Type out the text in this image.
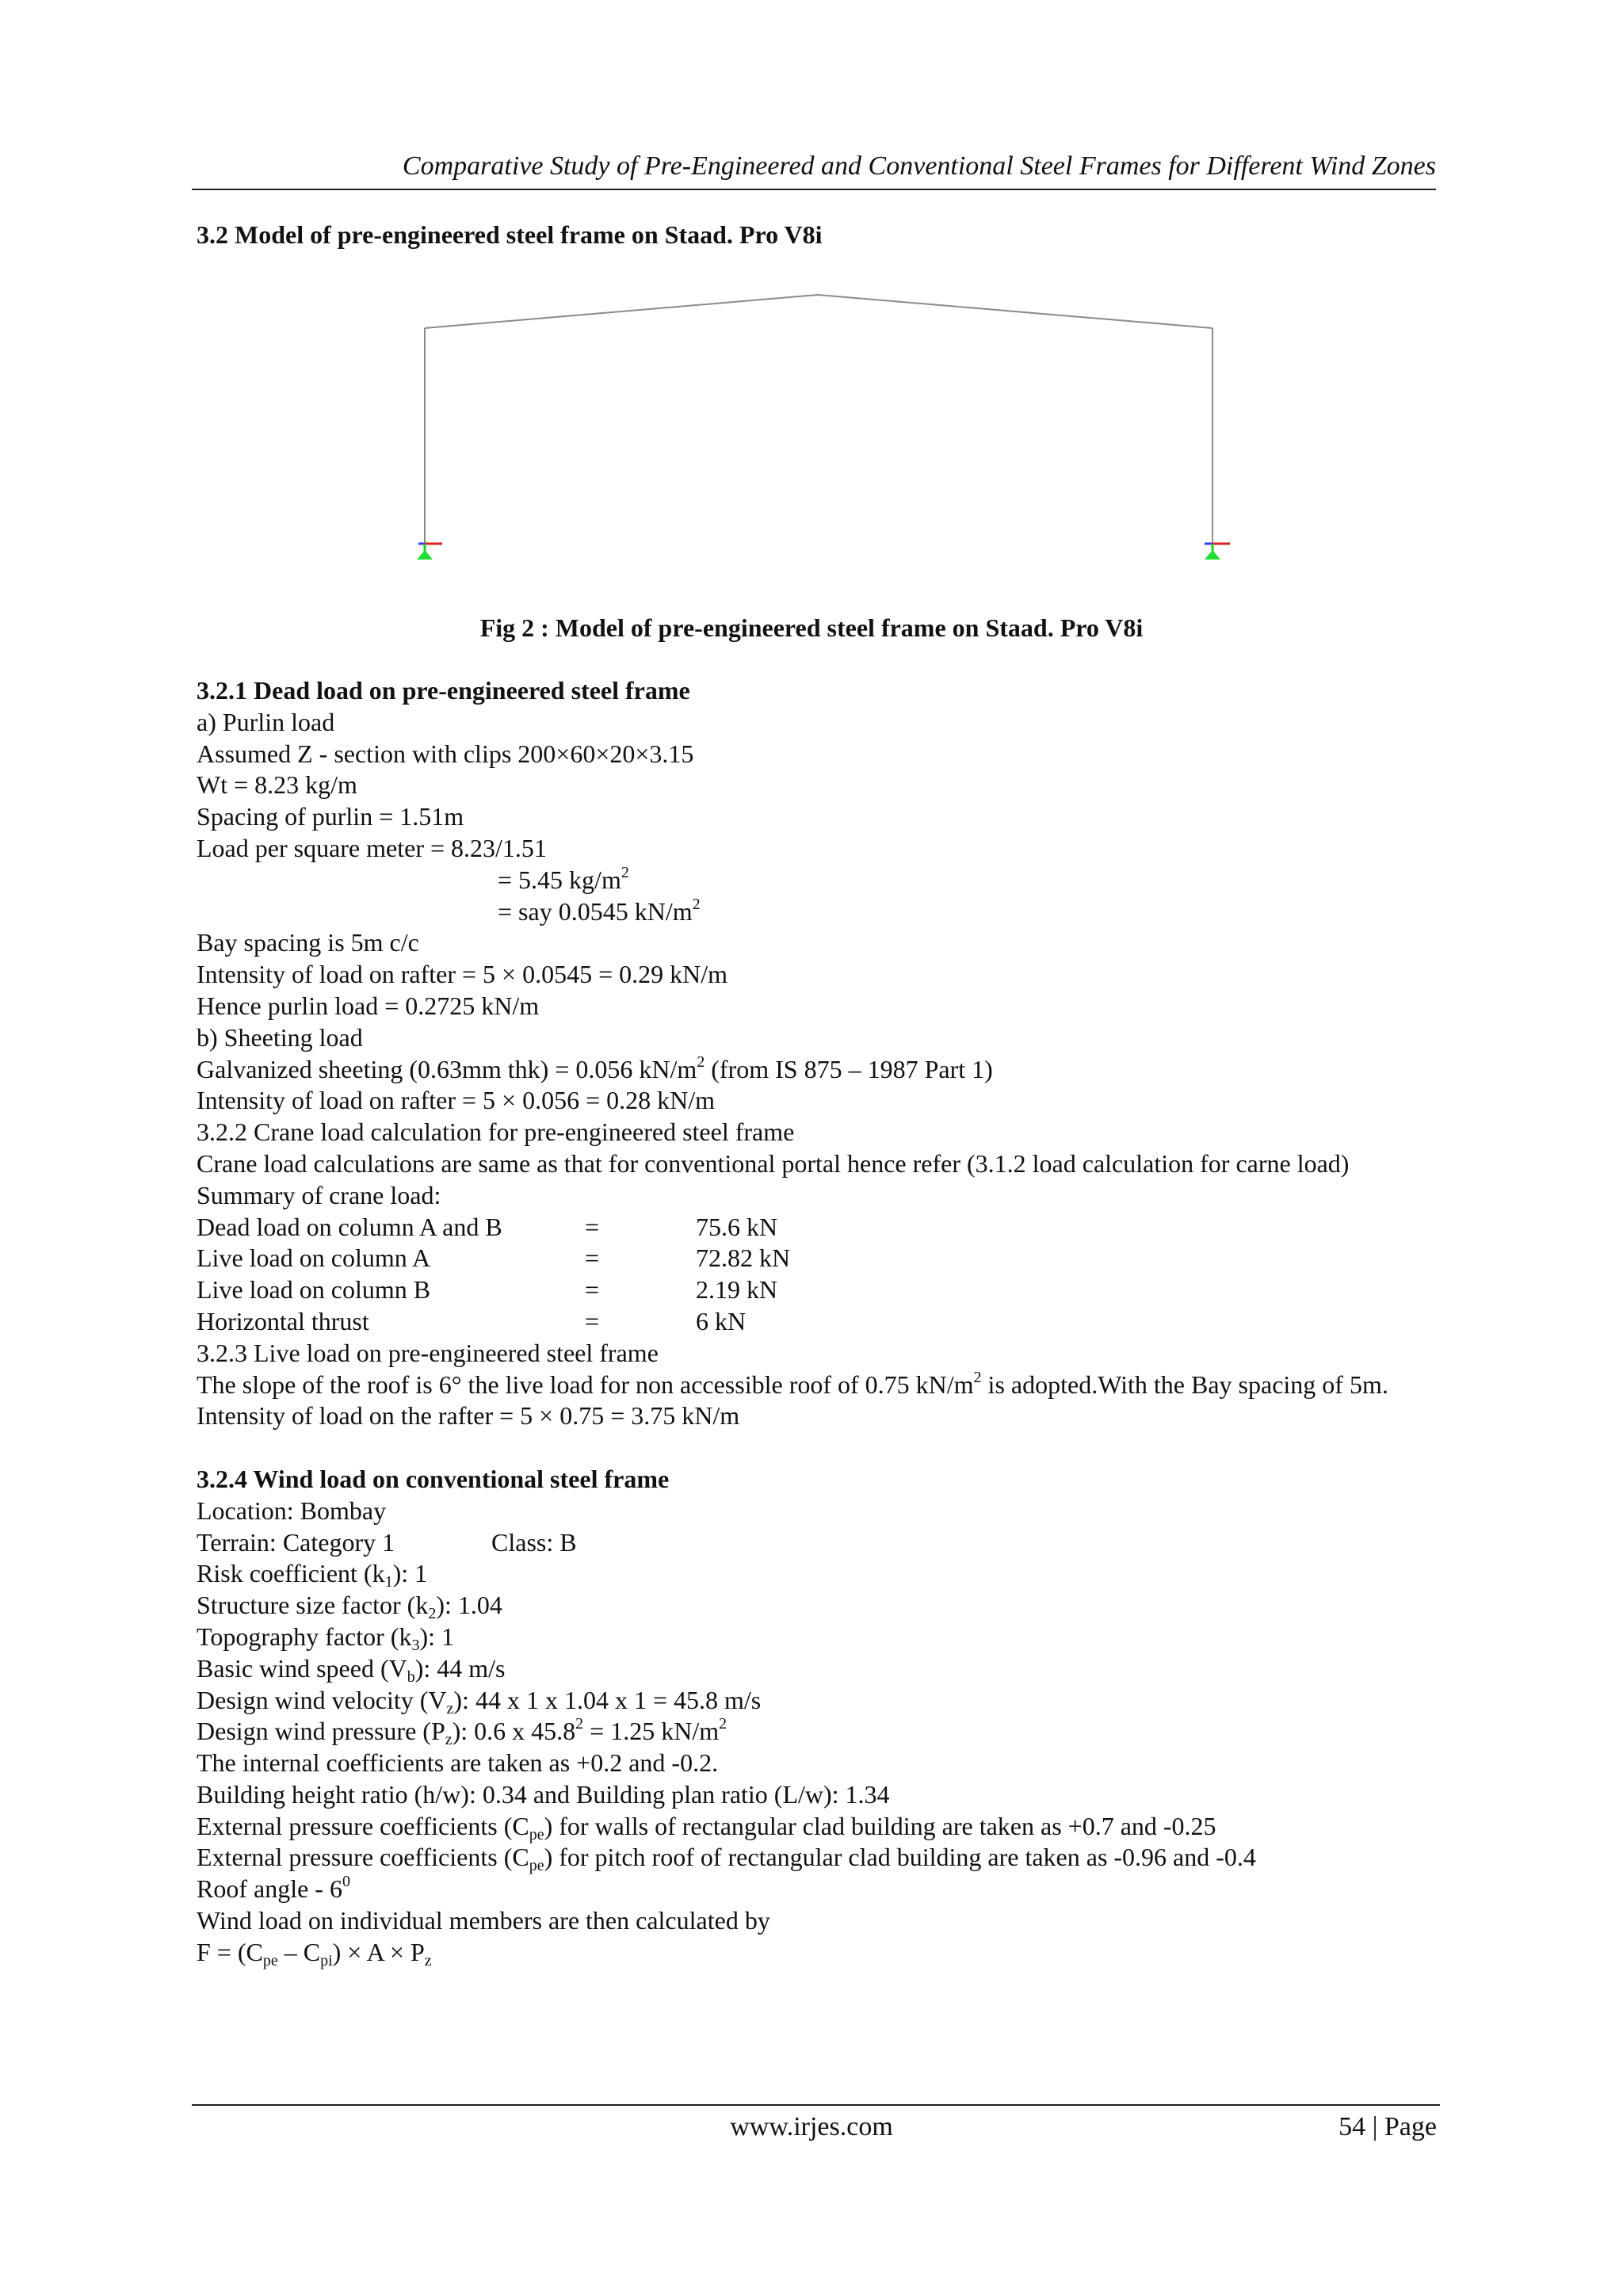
Comparative Study of Pre-Engineered and Conventional Steel Frames for Different Wind Zones
3.2 Model of pre-engineered steel frame on Staad. Pro V8i
Fig 2 : Model of pre-engineered steel frame on Staad. Pro V8i
3.2.1 Dead load on pre-engineered steel frame
a) Purlin load
Assumed Z - section with clips 200×60×20×3.15
Wt = 8.23 kg/m
Spacing of purlin = 1.51m
Load per square meter = 8.23/1.51
= 5.45 $kg/m^2$
= say 0.0545 $kN/m^2$
Bay spacing is 5m c/c
Intensity of load on rafter = 5 × 0.0545 = 0.29 kN/m
Hence purlin load = 0.2725 kN/m
b) Sheeting load
Galvanized sheeting (0.63mm thk) = 0.056 $kN/m^2$ (from IS 875 – 1987 Part 1)
Intensity of load on rafter = 5 × 0.056 = 0.28 kN/m
3.2.2 Crane load calculation for pre-engineered steel frame
Crane load calculations are same as that for conventional portal hence refer (3.1.2 load calculation for carne load)
Summary of crane load:
Dead load on column A and B	=	75.6 kN
Live load on column A	=	72.82 kN
Live load on column B	=	2.19 kN
Horizontal thrust	=	6 kN
3.2.3 Live load on pre-engineered steel frame
The slope of the roof is 6° the live load for non accessible roof of 0.75 $kN/m^2$ is adopted.With the Bay spacing of 5m.
Intensity of load on the rafter = 5 × 0.75 = 3.75 kN/m
3.2.4 Wind load on conventional steel frame
Location: Bombay
Terrain: Category 1	Class: B
Risk coefficient $(k_1)$: 1
Structure size factor $(k_2)$: 1.04
Topography factor $(k_3)$: 1
Basic wind speed $(V_b)$: 44 m/s
Design wind velocity $(V_z)$: 44 x 1 x 1.04 x 1 = 45.8 m/s
Design wind pressure $(P_z)$: 0.6 x $45.8^2 = 1.25$ $kN/m^2$
The internal coefficients are taken as +0.2 and -0.2.
Building height ratio (h/w): 0.34 and Building plan ratio (L/w): 1.34
External pressure coefficients $(C_{pe})$ for walls of rectangular clad building are taken as +0.7 and -0.25
External pressure coefficients $(C_{pe})$ for pitch roof of rectangular clad building are taken as -0.96 and -0.4
Roof angle - $6^0$
Wind load on individual members are then calculated by
$F = (C_{pe} - C_{pi}) \times A \times P_z$
www.irjes.com	54 | Page
